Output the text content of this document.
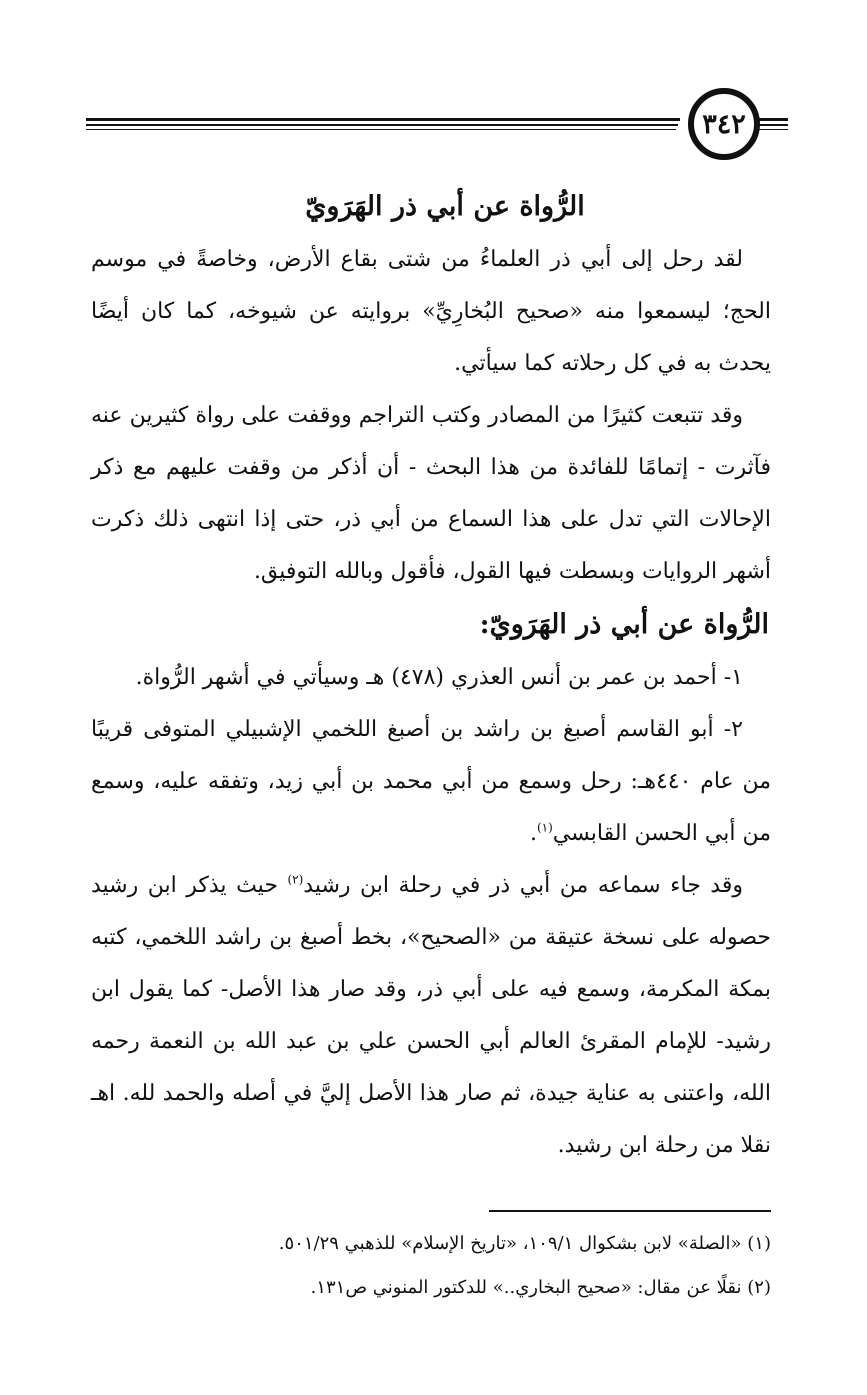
٣٤٢
الرُّواة عن أبي ذر الهَرَويّ

لقد رحل إلى أبي ذر العلماءُ من شتى بقاع الأرض، وخاصةً في موسم الحج؛ ليسمعوا منه «صحيح البُخارِيِّ» بروايته عن شيوخه، كما كان أيضًا يحدث به في كل رحلاته كما سيأتي.

وقد تتبعت كثيرًا من المصادر وكتب التراجم ووقفت على رواة كثيرين عنه فآثرت - إتمامًا للفائدة من هذا البحث - أن أذكر من وقفت عليهم مع ذكر الإحالات التي تدل على هذا السماع من أبي ذر، حتى إذا انتهى ذلك ذكرت أشهر الروايات وبسطت فيها القول، فأقول وبالله التوفيق.

الرُّواة عن أبي ذر الهَرَويّ:

١- أحمد بن عمر بن أنس العذري (٤٧٨) هـ وسيأتي في أشهر الرُّواة.

٢- أبو القاسم أصبغ بن راشد بن أصبغ اللخمي الإشبيلي المتوفى قريبًا من عام ٤٤٠هـ: رحل وسمع من أبي محمد بن أبي زيد، وتفقه عليه، وسمع من أبي الحسن القابسي$^{(١)}$.

وقد جاء سماعه من أبي ذر في رحلة ابن رشيد$^{(٢)}$ حيث يذكر ابن رشيد حصوله على نسخة عتيقة من «الصحيح»، بخط أصبغ بن راشد اللخمي، كتبه بمكة المكرمة، وسمع فيه على أبي ذر، وقد صار هذا الأصل- كما يقول ابن رشيد- للإمام المقرئ العالم أبي الحسن علي بن عبد الله بن النعمة رحمه الله، واعتنى به عناية جيدة، ثم صار هذا الأصل إليَّ في أصله والحمد لله. اهـ نقلا من رحلة ابن رشيد.

(١) «الصلة» لابن بشكوال ١٠٩/١، «تاريخ الإسلام» للذهبي ٥٠١/٢٩.

(٢) نقلًا عن مقال: «صحيح البخاري..» للدكتور المنوني ص١٣١.
